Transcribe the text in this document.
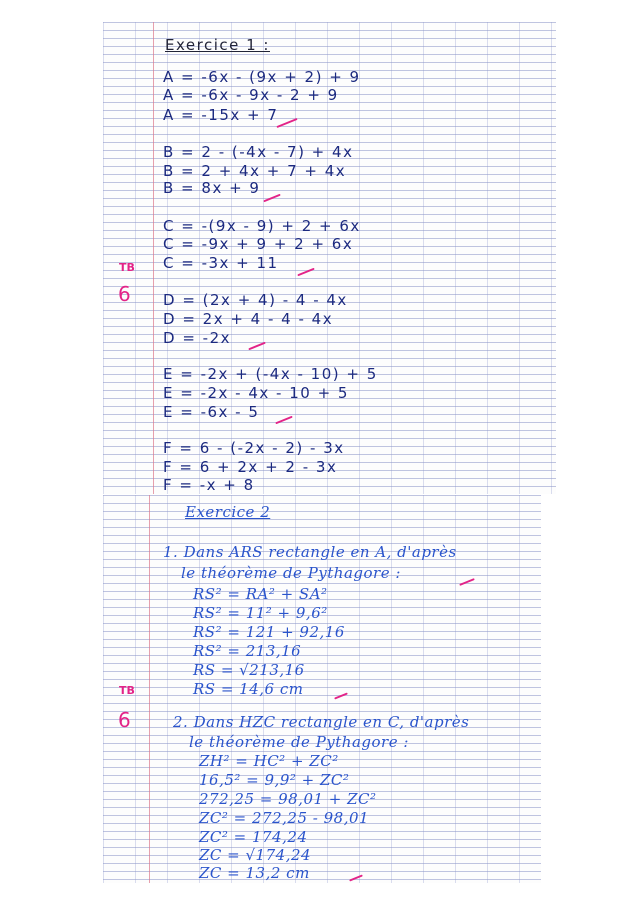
Exercice 1 :
A = -6x - (9x + 2) + 9
A = -6x - 9x - 2 + 9
A = -15x + 7
B = 2 - (-4x - 7) + 4x
B = 2 + 4x + 7 + 4x
B = 8x + 9
C = -(9x - 9) + 2 + 6x
C = -9x + 9 + 2 + 6x
C = -3x + 11
D = (2x + 4) - 4 - 4x
D = 2x + 4 - 4 - 4x
D = -2x
E = -2x + (-4x - 10) + 5
E = -2x - 4x - 10 + 5
E = -6x - 5
F = 6 - (-2x - 2) - 3x
F = 6 + 2x + 2 - 3x
F = -x + 8
TB
6
Exercice 2
1. Dans ARS rectangle en A, d'après
le théorème de Pythagore :
RS² = RA² + SA²
RS² = 11² + 9,6²
RS² = 121 + 92,16
RS² = 213,16
RS = √213,16
RS = 14,6 cm
2. Dans HZC rectangle en C, d'après
le théorème de Pythagore :
ZH² = HC² + ZC²
16,5² = 9,9² + ZC²
272,25 = 98,01 + ZC²
ZC² = 272,25 - 98,01
ZC² = 174,24
ZC = √174,24
ZC = 13,2 cm
TB
6
